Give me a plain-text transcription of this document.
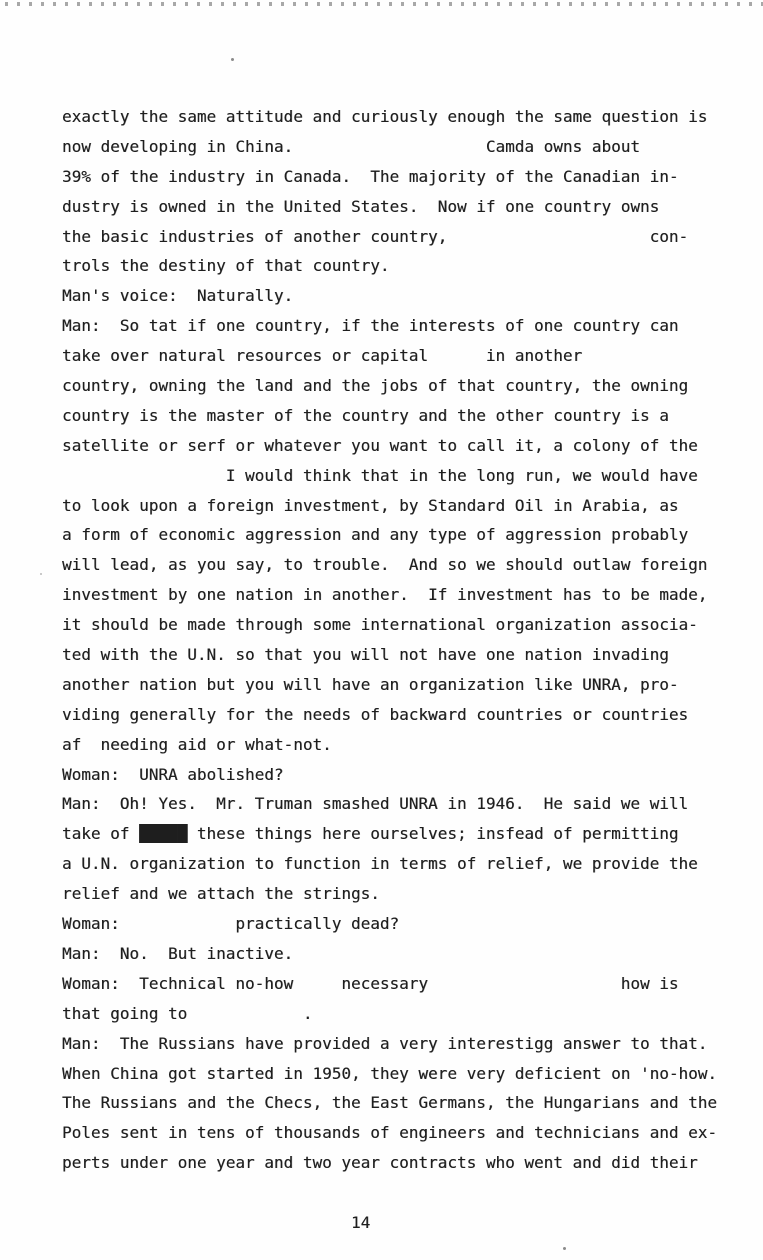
exactly the same attitude and curiously enough the same question is
now developing in China.                    Camda owns about
39% of the industry in Canada.  The majority of the Canadian in-
dustry is owned in the United States.  Now if one country owns
the basic industries of another country,                     con-
trols the destiny of that country.
Man's voice:  Naturally.
Man:  So tat if one country, if the interests of one country can
take over natural resources or capital      in another
country, owning the land and the jobs of that country, the owning
country is the master of the country and the other country is a
satellite or serf or whatever you want to call it, a colony of the
I would think that in the long run, we would have
to look upon a foreign investment, by Standard Oil in Arabia, as
a form of economic aggression and any type of aggression probably
will lead, as you say, to trouble.  And so we should outlaw foreign
investment by one nation in another.  If investment has to be made,
it should be made through some international organization associa-
ted with the U.N. so that you will not have one nation invading
another nation but you will have an organization like UNRA, pro-
viding generally for the needs of backward countries or countries
af  needing aid or what-not.
Woman:  UNRA abolished?
Man:  Oh! Yes.  Mr. Truman smashed UNRA in 1946.  He said we will
take of █████ these things here ourselves; insfead of permitting
a U.N. organization to function in terms of relief, we provide the
relief and we attach the strings.
Woman:            practically dead?
Man:  No.  But inactive.
Woman:  Technical no-how     necessary                    how is
that going to            .
Man:  The Russians have provided a very interestigg answer to that.
When China got started in 1950, they were very deficient on 'no-how.
The Russians and the Checs, the East Germans, the Hungarians and the
Poles sent in tens of thousands of engineers and technicians and ex-
perts under one year and two year contracts who went and did their
14
